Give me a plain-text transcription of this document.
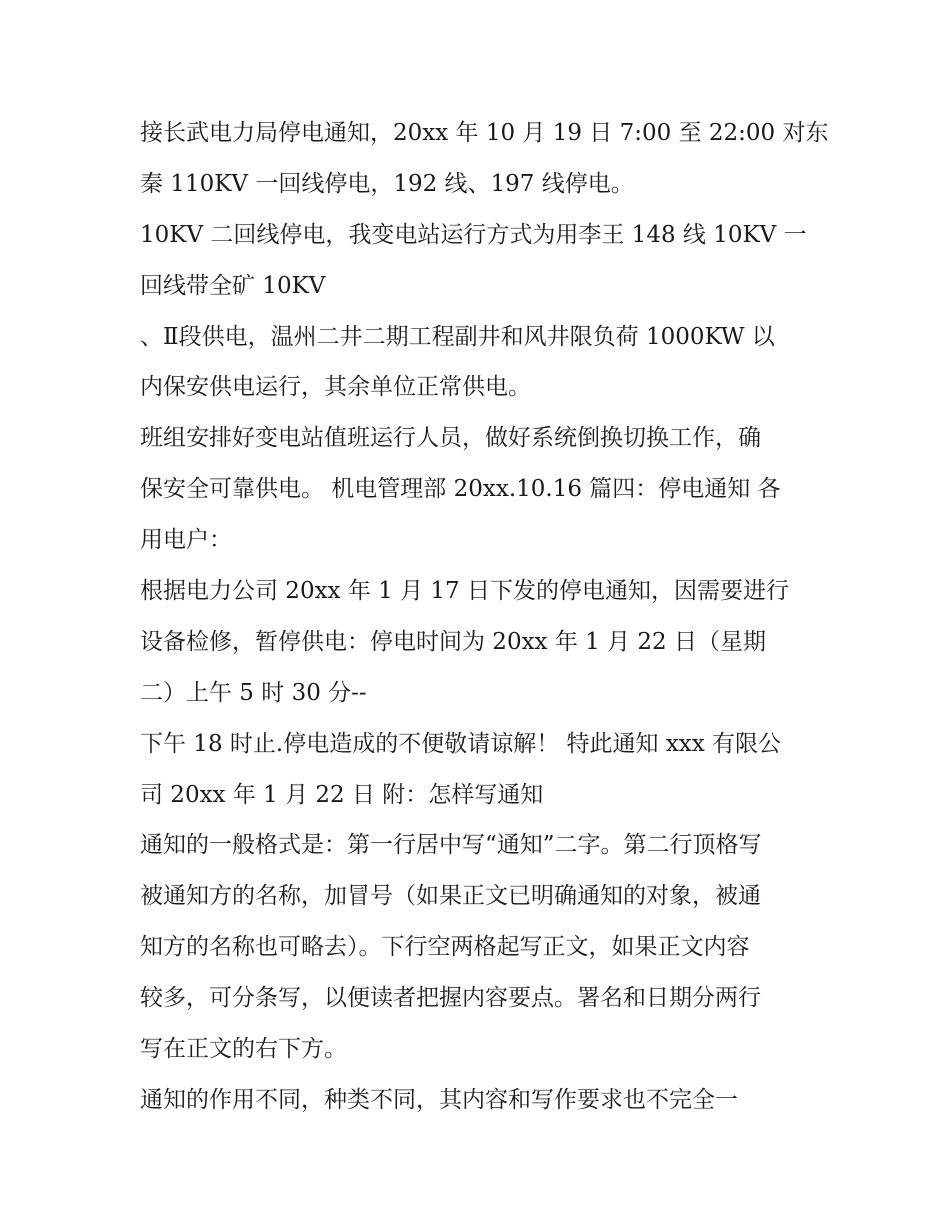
接长武电力局停电通知，20xx 年 10 月 19 日 7:00 至 22:00 对东
秦 110KV 一回线停电，192 线、197 线停电。
10KV 二回线停电，我变电站运行方式为用李王 148 线 10KV 一
回线带全矿 10KV
、Ⅱ段供电，温州二井二期工程副井和风井限负荷 1000KW 以
内保安供电运行，其余单位正常供电。
班组安排好变电站值班运行人员，做好系统倒换切换工作，确
保安全可靠供电。 机电管理部 20xx.10.16 篇四：停电通知 各
用电户：
根据电力公司 20xx 年 1 月 17 日下发的停电通知，因需要进行
设备检修，暂停供电：停电时间为 20xx 年 1 月 22 日（星期
二）上午 5 时 30 分--
下午 18 时止.停电造成的不便敬请谅解！ 特此通知 xxx 有限公
司 20xx 年 1 月 22 日 附：怎样写通知
通知的一般格式是：第一行居中写“通知”二字。第二行顶格写
被通知方的名称，加冒号（如果正文已明确通知的对象，被通
知方的名称也可略去）。下行空两格起写正文，如果正文内容
较多，可分条写，以便读者把握内容要点。署名和日期分两行
写在正文的右下方。
通知的作用不同，种类不同，其内容和写作要求也不完全一
